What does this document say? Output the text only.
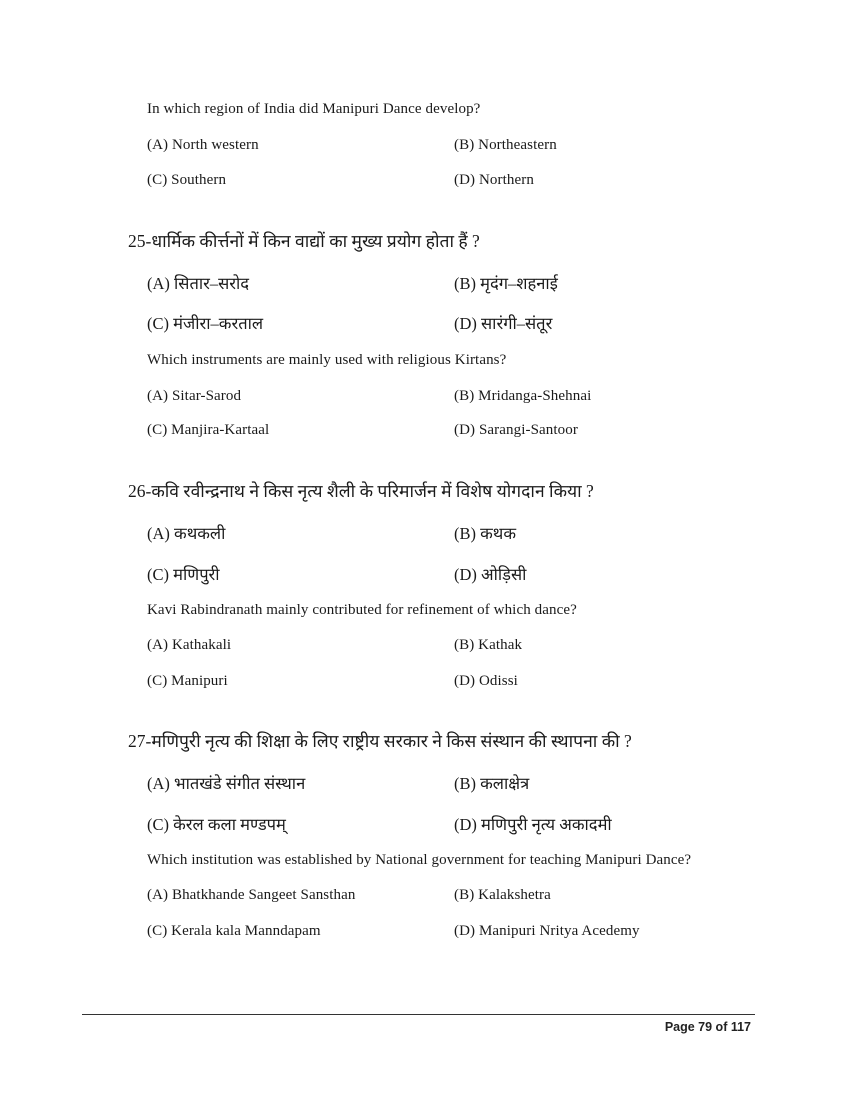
In which region of India did Manipuri Dance develop?
(A) North western	(B) Northeastern
(C) Southern	(D) Northern
25-धार्मिक कीर्त्तनों में किन वाद्यों का मुख्य प्रयोग होता हैं ?
(A) सितार–सरोद	(B) मृदंग–शहनाई
(C) मंजीरा–करताल	(D) सारंगी–संतूर
Which instruments are mainly used with religious Kirtans?
(A) Sitar-Sarod	(B) Mridanga-Shehnai
(C) Manjira-Kartaal	(D) Sarangi-Santoor
26-कवि रवीन्द्रनाथ ने किस नृत्य शैली के परिमार्जन में विशेष योगदान किया ?
(A) कथकली	(B) कथक
(C) मणिपुरी	(D) ओड़िसी
Kavi Rabindranath mainly contributed for refinement of which dance?
(A) Kathakali	(B) Kathak
(C) Manipuri	(D) Odissi
27-मणिपुरी नृत्य की शिक्षा के लिए राष्ट्रीय सरकार ने किस संस्थान की स्थापना की ?
(A) भातखंडे संगीत संस्थान	(B) कलाक्षेत्र
(C) केरल कला मण्डपम्	(D) मणिपुरी नृत्य अकादमी
Which institution was established by National government for teaching Manipuri Dance?
(A) Bhatkhande Sangeet Sansthan	(B) Kalakshetra
(C) Kerala kala Manndapam	(D) Manipuri Nritya Acedemy
Page 79 of 117
